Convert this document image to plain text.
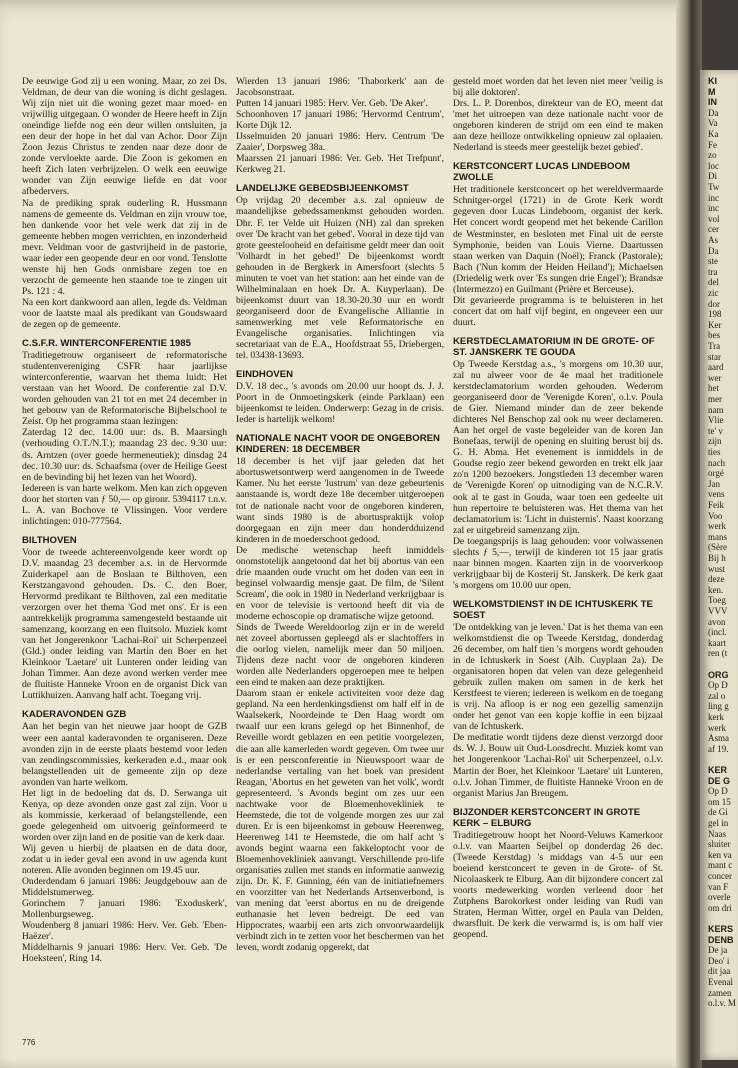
De eeuwige God zij u een woning. Maar, zo zei Ds. Veldman, de deur van die woning is dicht geslagen. Wij zijn niet uit die woning gezet maar moed- en vrijwillig uitgegaan. O wonder de Heere heeft in Zijn oneindige liefde nog een deur willen ontsluiten, ja een deur der hope in het dal van Achor. Door Zijn Zoon Jezus Christus te zenden naar deze door de zonde vervloekte aarde. Die Zoon is gekomen en heeft Zich laten verbrijzelen. O welk een eeuwige wonder van Zijn eeuwige liefde en dat voor afbedervers.

Na de prediking sprak ouderling R. Hussmann namens de gemeente ds. Veldman en zijn vrouw toe, hen dankende voor het vele werk dat zij in de gemeente hebben mogen verrichten, en inzonderheid mevr. Veldman voor de gastvrijheid in de pastorie, waar ieder een geopende deur en oor vond. Tenslotte wenste hij hen Gods onmisbare zegen toe en verzocht de gemeente hen staande toe te zingen uit Ps. 121 : 4.

Na een kort dankwoord aan allen, legde ds. Veldman voor de laatste maal als predikant van Goudswaard de zegen op de gemeente.

C.S.F.R. WINTERCONFERENTIE 1985

Traditiegetrouw organiseert de reformatorische studentenvereniging CSFR haar jaarlijkse winterconferentie, waarvan het thema luidt: Het verstaan van het Woord. De conferentie zal D.V. worden gehouden van 21 tot en met 24 december in het gebouw van de Reformatorische Bijbelschool te Zeist. Op het programma staan lezingen:

Zaterdag 12 dec. 14.00 uur: ds. B. Maarsingh (verhouding O.T./N.T.); maandag 23 dec. 9.30 uur: ds. Arntzen (over goede hermeneutiek); dinsdag 24 dec. 10.30 uur: ds. Schaafsma (over de Heilige Geest en de bevinding bij het lezen van het Woord).

Iedereen is van harte welkom. Men kan zich opgeven door het storten van ƒ 50,— op gironr. 5394117 t.n.v. L. A. van Bochove te Vlissingen. Voor verdere inlichtingen: 010-777564.

BILTHOVEN

Voor de tweede achtereenvolgende keer wordt op D.V. maandag 23 december a.s. in de Hervormde Zuiderkapel aan de Boslaan te Bilthoven, een Kerstzangavond gehouden. Ds. C. den Boer, Hervormd predikant te Bilthoven, zal een meditatie verzorgen over het thema 'God met ons'. Er is een aantrekkelijk programma samengesteld bestaande uit samenzang, koorzang en een fluitsolo. Muziek komt van het Jongerenkoor 'Lachai-Roi' uit Scherpenzeel (Gld.) onder leiding van Martin den Boer en het Kleinkoor 'Laetare' uit Lunteren onder leiding van Johan Timmer. Aan deze avond werken verder mee de fluitiste Hanneke Vroon en de organist Dick van Luttikhuizen. Aanvang half acht. Toegang vrij.

KADERAVONDEN GZB

Aan het begin van het nieuwe jaar hoopt de GZB weer een aantal kaderavonden te organiseren. Deze avonden zijn in de eerste plaats bestemd voor leden van zendingscommissies, kerkeraden e.d., maar ook belangstellenden uit de gemeente zijn op deze avonden van harte welkom.

Het ligt in de bedoeling dat ds. D. Serwanga uit Kenya, op deze avonden onze gast zal zijn. Voor u als kommissie, kerkeraad of belangstellende, een goede gelegenheid om uitvoerig geïnformeerd te worden over zijn land en de positie van de kerk daar.

Wij geven u hierbij de plaatsen en de data door, zodat u in ieder geval een avond in uw agenda kunt noteren. Alle avonden beginnen om 19.45 uur.

Onderdendam 6 januari 1986: Jeugdgebouw aan de Middelstumerweg.

Gorinchem 7 januari 1986: 'Exoduskerk', Mollenburgseweg.

Woudenberg 8 januari 1986: Herv. Ver. Geb. 'Eben-Haëzer'.

Middelharnis 9 januari 1986: Herv. Ver. Geb. 'De Hoeksteen', Ring 14.

Wierden 13 januari 1986: 'Thaborkerk' aan de Jacobsonstraat.

Putten 14 januari 1985: Herv. Ver. Geb. 'De Aker'.

Schoonhoven 17 januari 1986: 'Hervormd Centrum', Korte Dijk 12.

IJsselmuiden 20 januari 1986: Herv. Centrum 'De Zaaier', Dorpsweg 38a.

Maarssen 21 januari 1986: Ver. Geb. 'Het Trefpunt', Kerkweg 21.

LANDELIJKE GEBEDSBIJEENKOMST

Op vrijdag 20 december a.s. zal opnieuw de maandelijkse gebedssamenkmst gehouden worden. Dhr. F. ter Velde uit Huizen (NH) zal dan spreken over 'De kracht van het gebed'. Vooral in deze tijd van grote geestelooheid en defaitisme geldt meer dan ooit 'Volhardt in het gebed!' De bijeenkomst wordt gehouden in de Bergkerk in Amersfoort (slechts 5 minuten te voet van het station: aan het einde van de Wilhelminalaan en hoek Dr. A. Kuyperlaan). De bijeenkomst duurt van 18.30-20.30 uur en wordt georganiseerd door de Evangelische Alliantie in samenwerking met vele Reformatorische en Evangelische organisaties. Inlichtingen via secretariaat van de E.A., Hoofdstraat 55, Driebergen, tel. 03438-13693.

EINDHOVEN

D.V. 18 dec., 's avonds om 20.00 uur hoopt ds. J. J. Poort in de Onmoetingskerk (einde Parklaan) een bijeenkomst te leiden. Onderwerp: Gezag in de crisis. Ieder is hartelijk welkom!

NATIONALE NACHT VOOR DE ONGEBOREN KINDEREN: 18 DECEMBER

18 december is het vijf jaar geleden dat het abortuswetsontwerp werd aangenomen in de Tweede Kamer. Nu het eerste 'lustrum' van deze gebeurtenis aanstaande is, wordt deze 18e december uitgeroepen tot de nationale nacht voor de ongeboren kinderen, want sinds 1980 is de abortuspraktijk volop doorgegaan en zijn meer dan honderdduizend kinderen in de moederschoot gedood.

De medische wetenschap heeft inmiddels onomstotelijk aangetoond dat het bij abortus van een drie maanden oude vrucht om het doden van een in beginsel volwaardig mensje gaat. De film, de 'Silent Scream', die ook in 1980 in Nederland verkrijgbaar is en voor de televisie is vertoond heeft dit via de moderne echoscopie op dramatische wijze getoond.

Sinds de Tweede Wereldoorlog zijn er in de wereld net zoveel abortussen gepleegd als er slachtoffers in die oorlog vielen, namelijk meer dan 50 miljoen. Tijdens deze nacht voor de ongeboren kinderen worden alle Nederlanders opgeroepen mee te helpen een eind te maken aan deze praktijken.

Daarom staan er enkele activiteiten voor deze dag gepland. Na een herdenkingsdienst om half elf in de Waalsekerk, Noordeinde te Den Haag wordt om twaalf uur een krans gelegd op het Binnenhof, de Reveille wordt geblazen en een petitie voorgelezen, die aan alle kamerleden wordt gegeven. Om twee uur is er een persconferentie in Nieuwspoort waar de nederlandse vertaling van het boek van president Reagan, 'Abortus en het geweten van het volk', wordt gepresenteerd. 's Avonds begint om zes uur een nachtwake voor de Bloemenhovekliniek te Heemstede, die tot de volgende morgen zes uur zal duren. Er is een bijeenkomst in gebouw Heerenweg, Heerenweg 141 te Heemstede, die om half acht 's avonds begint waarna een fakkeloptocht voor de Bloemenhovekliniek aanvangt. Verschillende pro-life organisaties zullen met stands en informatie aanwezig zijn. Dr. K. F. Gunning, één van de initiatiefnemers en voorzitter van het Nederlands Artsenverbond, is van mening dat 'eerst abortus en nu de dreigende euthanasie het leven bedreigt. De eed van Hippocrates, waarbij een arts zich onvoorwaardelijk verbindt zich in te zetten voor het beschermen van het leven, wordt zodanig opgerekt, dat

gesteld moet worden dat het leven niet meer 'veilig is bij alle doktoren'.

Drs. L. P. Dorenbos, direkteur van de EO, meent dat 'met het uitroepen van deze nationale nacht voor de ongeboren kinderen de strijd om een eind te maken aan deze heilloze ontwikkeling opnieuw zal oplaaien. Nederland is steeds meer geestelijk bezet gebied'.

KERSTCONCERT LUCAS LINDEBOOM ZWOLLE

Het traditionele kerstconcert op het wereldvermaarde Schnitger-orgel (1721) in de Grote Kerk wordt gegeven door Lucas Lindeboom, organist der kerk. Het concert wordt geopend met het bekende Carillon de Westminster, en besloten met Final uit de eerste Symphonie, beiden van Louis Vierne. Daartussen staan werken van Daquin (Noël); Franck (Pastorale); Bach ('Nun komm der Heiden Heiland'); Michaelsen (Driedelig werk over 'Es sungen drie Engel'); Brandsæ (Intermezzo) en Guilmant (Prière et Berceuse).

Dit gevarieerde programma is te beluisteren in het concert dat om half vijf begint, en ongeveer een uur duurt.

KERSTDECLAMATORIUM IN DE GROTE- OF ST. JANSKERK TE GOUDA

Op Tweede Kerstdag a.s., 's morgens om 10.30 uur, zal nu alweer voor de 4e maal het traditionele kerstdeclamatorium worden gehouden. Wederom georganiseerd door de 'Verenigde Koren', o.l.v. Poula de Gier. Niemand minder dan de zeer bekende dichteres Nel Benschop zal ook nu weer declameren. Aan het orgel de vaste begeleider van de koren Jan Bonefaas, terwijl de opening en sluiting berust bij ds. G. H. Abma. Het evenement is inmiddels in de Goudse regio zeer bekend geworden en trekt elk jaar zo'n 1200 bezoekers. Jongstleden 13 december waren de 'Verenigde Koren' op uitnodiging van de N.C.R.V. ook al te gast in Gouda, waar toen een gedeelte uit hun repertoire te beluisteren was. Het thema van het declamatorium is: 'Licht in duisternis'. Naast koorzang zal er uitgebreid samenzang zijn.

De toegangsprijs is laag gehouden: voor volwassenen slechts ƒ 5,—, terwijl de kinderen tot 15 jaar gratis naar binnen mogen. Kaarten zijn in de voorverkoop verkrijgbaar bij de Kosterij St. Janskerk. De kerk gaat 's morgens om 10.00 uur open.

WELKOMSTDIENST IN DE ICHTUSKERK TE SOEST

'De ontdekking van je leven.' Dat is het thema van een welkomstdienst die op Tweede Kerstdag, donderdag 26 december, om half tien 's morgens wordt gehouden in de Ichtuskerk in Soest (Alb. Cuyplaan 2a). De organisatoren hopen dat velen van deze gelegenheid gebruik zullen maken om samen in de kerk het Kerstfeest te vieren; iedereen is welkom en de toegang is vrij. Na afloop is er nog een gezellig samenzijn onder het genot van een kopje koffie in een bijzaal van de Ichtuskerk.

De meditatie wordt tijdens deze dienst verzorgd door ds. W. J. Bouw uit Oud-Loosdrecht. Muziek komt van het Jongerenkoor 'Lachai-Roï' uit Scherpenzeel, o.l.v. Martin der Boer, het Kleinkoor 'Laetare' uit Lunteren, o.l.v. Johan Timmer, de fluitiste Hanneke Vroon en de organist Marius Jan Breugem.

BIJZONDER KERSTCONCERT IN GROTE KERK – ELBURG

Traditiegetrouw hoopt het Noord-Veluws Kamerkoor o.l.v. van Maarten Seijbel op donderdag 26 dec. (Tweede Kerstdag) 's middags van 4-5 uur een boeiend kerstconcert te geven in de Grote- of St. Nicolaaskerk te Elburg. Aan dit bijzondere concert zal voorts medewerking worden verleend door het Zutphens Barokorkest onder leiding van Rudi van Straten, Herman Witter, orgel en Paula van Delden, dwarsfluit. De kerk die verwarmd is, is om half vier geopend.

776
KI
M
IN
Da
Va
Ka
Fe
zo
loc
Di
Tw
inc
inc
vol
cer
As
Da
ste
tra
del
zic
dor
198
Ker
bes
Tra
star
aard
wer
het
mer
nam
Vlie
te' v
zijn
ties
nach
orgé
Jan
vens
Feik
Voo
werk
mans
(Sère
Bij h
wust
deze
ken.
Toeg
VVV
avon
(incl.
kaart
ren (t
ORG
Op D
zal o
ling g
kerk
werk
Asma
af 19.
KER
DE G
Op D
om 15
de Gi
gel in
Naas
sluiter
ken va
mant c
concer
van F
overle
om dri
KERS
DENB
De ja
Deo' i
dit jaa
Evenal
zamen
o.l.v. M
